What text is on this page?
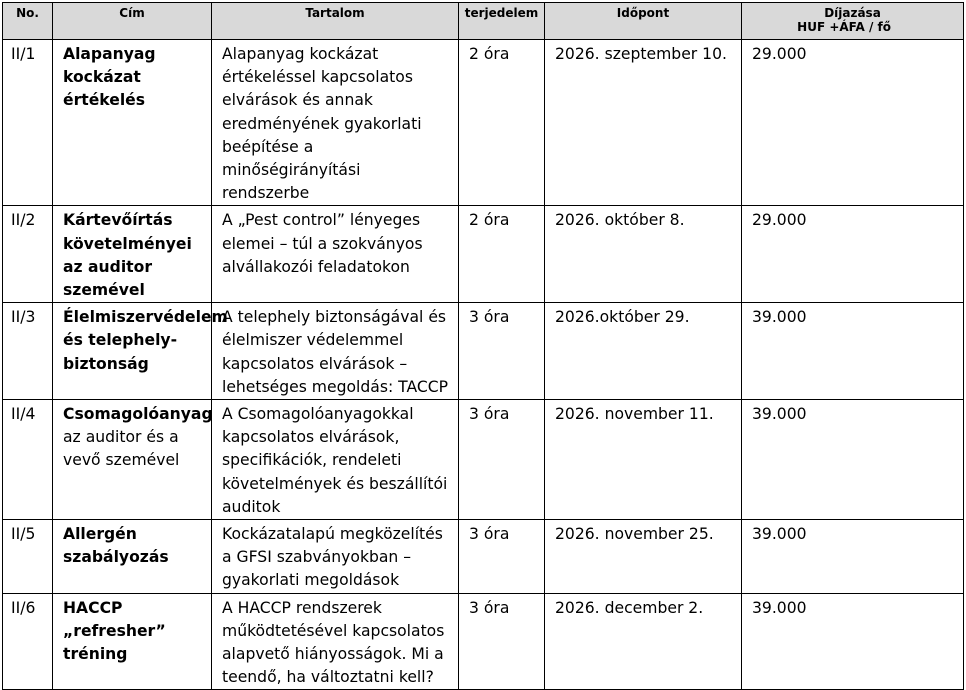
No.	Cím	Tartalom	terjedelem	Időpont	Díjazása
HUF +ÁFA / fő

II/1	Alapanyag kockázat értékelés	Alapanyag kockázat értékeléssel kapcsolatos elvárások és annak eredményének gyakorlati beépítése a minőségirányítási rendszerbe	2 óra	2026. szeptember 10.	29.000
II/2	Kártevőírtás követelményei az auditor szemével	A „Pest control” lényeges elemei – túl a szokványos alvállakozói feladatokon	2 óra	2026. október 8.	29.000
II/3	Élelmiszervédelem és telephely-biztonság	A telephely biztonságával és élelmiszer védelemmel kapcsolatos elvárások – lehetséges megoldás: TACCP	3 óra	2026.október 29.	39.000
II/4	Csomagolóanyag az auditor és a vevő szemével	A Csomagolóanyagokkal kapcsolatos elvárások, specifikációk, rendeleti követelmények és beszállítói auditok	3 óra	2026. november 11.	39.000
II/5	Allergén szabályozás	Kockázatalapú megközelítés a GFSI szabványokban – gyakorlati megoldások	3 óra	2026. november 25.	39.000
II/6	HACCP „refresher” tréning	A HACCP rendszerek működtetésével kapcsolatos alapvető hiányosságok. Mi a teendő, ha változtatni kell?	3 óra	2026. december 2.	39.000
